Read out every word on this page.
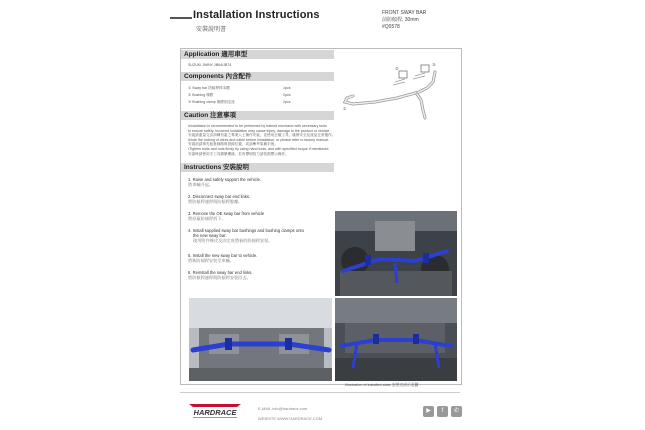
Installation Instructions
安裝說明書
FRONT SWAY BAR
前防傾桿, 30mm
#Q0578
Application 適用車型
SUZUKI JIMNY JB64/JB74
Components 內含配件
① Sway bar 防傾桿棒本體	1pcs
② Bushing 橡膠	2pcs
③ Bushing clamp 橡膠固定座	2pcs
①
②
③
Caution 注意事項
•Installation is recommended to be performed by trained mechanic with necessary tools
to ensure safety. Incorrect installation may cause injury, damage to the product or vehicle.
安裝請盡量交由訓練有素之專業人士操作安裝，並使用正確工具，確保安全及產品正常運作。
•Note the locking of wires and cable before installation, or please refer to factory manual.
安裝前請事先留意線路與管線位置，或請參考原廠手冊。
•Tighten bolts and nuts firmly by using hand tools, and with specified torque if mentioned.
安裝時請使用手工具鎖緊螺絲，若有標明扭力請依照標示操作。
Instructions 安裝說明
1. Raise and safely support the vehicle.
將車輛升起。
2. Disconnect sway bar end links.
將防傾桿連桿與防傾桿脫離。
3. Remove the OE sway bar from vehicle
將原廠防傾桿拆下。
4. Install supplied sway bar bushings and bushing clamps onto
the new sway bar.
使用附件橡皮及固定座將新的防傾桿安裝。
5. Install the new sway bar to vehicle.
將新防傾桿安裝至車輛。
6. Reinstall the sway bar end links.
將防傾桿連桿與防傾桿安裝回去。
Illustration of installed state 安裝完成示意圖
HARDRACE	E-MAIL info@hardrace.com
WEBSITE WWW.HARDRACE.COM
▶	f	✆
